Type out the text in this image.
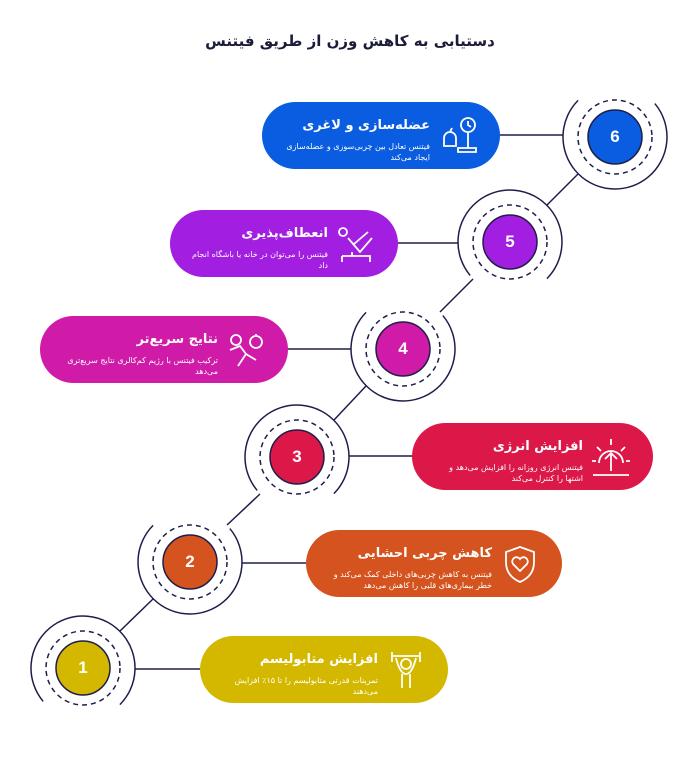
دستیابی به کاهش وزن از طریق فیتنس
1	افزایش متابولیسم
تمرینات قدرتی متابولیسم را تا ۱۵٪ افزایش می‌دهند
2	کاهش چربی احشایی
فیتنس به کاهش چربی‌های داخلی کمک می‌کند و خطر بیماری‌های قلبی را کاهش می‌دهد
3
افزایش انرژی
فیتنس انرژی روزانه را افزایش می‌دهد و اشتها را کنترل می‌کند
4
نتایج سریع‌تر
ترکیب فیتنس با رژیم کم‌کالری نتایج سریع‌تری می‌دهد
5
انعطاف‌پذیری
فیتنس را می‌توان در خانه یا باشگاه انجام داد
6
عضله‌سازی و لاغری
فیتنس تعادل بین چربی‌سوزی و عضله‌سازی ایجاد می‌کند
